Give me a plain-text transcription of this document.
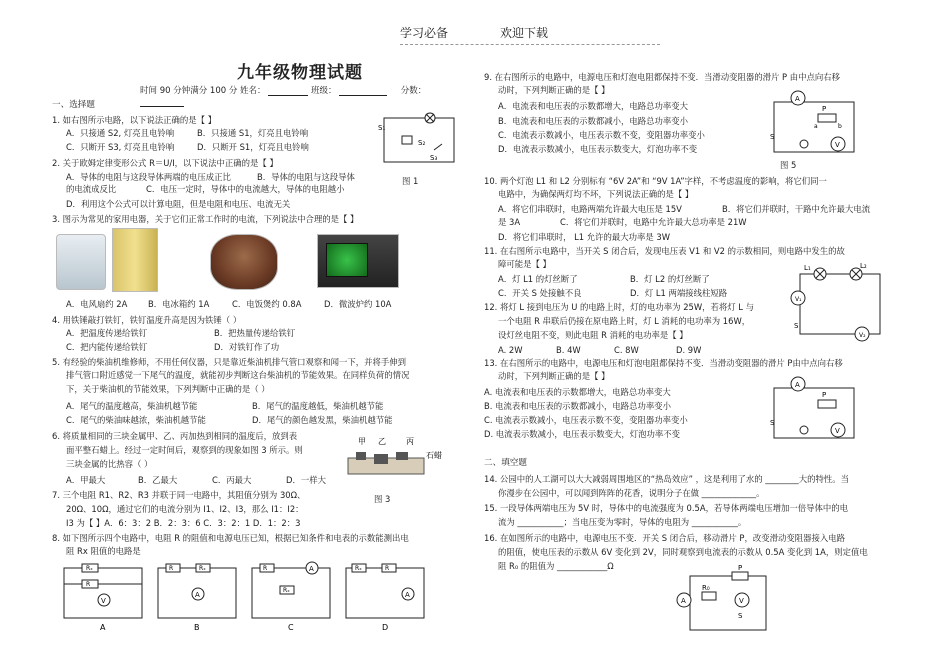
学习必备	欢迎下载
九年级物理试题
时间 90 分钟满分 100 分 姓名：	班级：	分数：
一、选择题
1. 如右图所示电路，以下说法正确的是【 】
A．只接通 S2, 灯亮且电铃响	B．只接通 S1，灯亮且电铃响
C．只断开 S3, 灯亮且电铃响	D．只断开 S1，灯亮且电铃响
S₁
S₂
S₃
图 1
2. 关于欧姆定律变形公式 R＝U/I，以下说法中正确的是【 】
A．导体的电阻与这段导体两端的电压成正比	B．导体的电阻与这段导体
的电流成反比	C．电压一定时，导体中的电流越大，导体的电阻越小
D．利用这个公式可以计算电阻，但是电阻和电压、电流无关
3. 图示为常见的家用电器，关于它们正常工作时的电流，下列说法中合理的是【 】
A．电风扇约 2A B．电冰箱约 1A	C．电饭煲约 0.8A	D．微波炉约 10A
4. 用铁锤敲打铁钉，铁钉温度升高是因为铁锤（ ）
A．把温度传递给铁钉	B．把热量传递给铁钉
C．把内能传递给铁钉	D．对铁钉作了功
5. 有经验的柴油机维修师，不用任何仪器，只是靠近柴油机排气管口观察和闻一下，并将手伸到
排气管口附近感觉一下尾气的温度，就能初步判断这台柴油机的节能效果。在同样负荷的情况
下，关于柴油机的节能效果，下列判断中正确的是（ ）
A．尾气的温度越高，柴油机越节能	B．尾气的温度越低，柴油机越节能
C．尾气的柴油味越浓，柴油机越节能	D．尾气的颜色越发黑，柴油机越节能
6. 将质量相同的三块金属甲、乙、丙加热到相同的温度后，放到表
面平整石蜡上。经过一定时间后，观察到的现象如图 3 所示。则
三块金属的比热容（ ）
A．甲最大	B．乙最大	C．丙最大	D．一样大
甲 乙	丙
石蜡
图 3
7. 三个电阻 R1、R2、R3 并联于同一电路中，其阻值分别为 30Ω、
20Ω、10Ω，通过它们的电流分别为 I1、I2、I3，那么 I1：I2：
I3 为【 】A．6：3：2 B．2：3：6 C．3：2：1 D．1：2：3
8. 如下图所示四个电路中，电阻 R 的阻值和电源电压已知，根据已知条件和电表的示数能测出电
阻 Rx 阻值的电路是
V
Rₓ
R
A
A
R	Rₓ
B
A
R
Rₓ
C
A
Rₓ	R
D
9. 在右图所示的电路中，电源电压和灯泡电阻都保持不变．当滑动变阻器的滑片 P 由中点向右移
动时，下列判断正确的是【 】
A．电流表和电压表的示数都增大，电路总功率变大
B．电流表和电压表的示数都减小，电路总功率变小
C．电流表示数减小，电压表示数不变，变阻器功率变小
D．电流表示数减小，电压表示数变大，灯泡功率不变
A
P
a	b
V
S
图 5
10. 两个灯泡 L1 和 L2 分别标有 “6V 2A”和 “9V 1A”字样，不考虑温度的影响，将它们同一
电路中，为确保两灯均不坏，下列说法正确的是【 】
A．将它们串联时，电路两端允许最大电压是 15V	B．将它们并联时，干路中允许最大电流
是 3A	C．将它们并联时，电路中允许最大总功率是 21W
D．将它们串联时， L1 允许的最大功率是 3W
11. 在右图所示电路中，当开关 S 闭合后，发现电压表 V1 和 V2 的示数相同，则电路中发生的故
障可能是【 】
A．灯 L1 的灯丝断了	B．灯 L2 的灯丝断了
C．开关 S 处接触不良	D．灯 L1 两端接线柱短路
L₁	L₂
V₁
V₂
S
12. 将灯 L 接到电压为 U 的电路上时，灯的电功率为 25W，若将灯 L 与
一个电阻 R 串联后仍接在原电路上时，灯 L 消耗的电功率为 16W，
设灯丝电阻不变，则此电阻 R 消耗的电功率是【 】
A. 2W	B. 4W	C. 8W	D. 9W
13. 在右图所示的电路中，电源电压和灯泡电阻都保持不变．当滑动变阻器的滑片 P由中点向右移
动时，下列判断正确的是【 】
A. 电流表和电压表的示数都增大，电路总功率变大
B. 电流表和电压表的示数都减小，电路总功率变小
C. 电流表示数减小，电压表示数不变，变阻器功率变小
D. 电流表示数减小，电压表示数变大，灯泡功率不变
A
P
V
S
二、填空题
14. 公园中的人工湖可以大大减弱周围地区的“热岛效应” ，这是利用了水的 ________大的特性。当
你漫步在公园中，可以闻到阵阵的花香，说明分子在做 _____________。
15. 一段导体两端电压为 5V 时，导体中的电流强度为 0.5A，若导体两端电压增加一倍导体中的电
流为 ___________；当电压变为零时，导体的电阻为 ___________。
16. 在如图所示的电路中，电源电压不变．开关 S 闭合后，移动滑片 P，改变滑动变阻器接入电路
的阻值，使电压表的示数从 6V 变化到 2V，同时观察到电流表的示数从 0.5A 变化到 1A，则定值电
阻 R₀ 的阻值为 ____________Ω
R₀
P
A	V
S
